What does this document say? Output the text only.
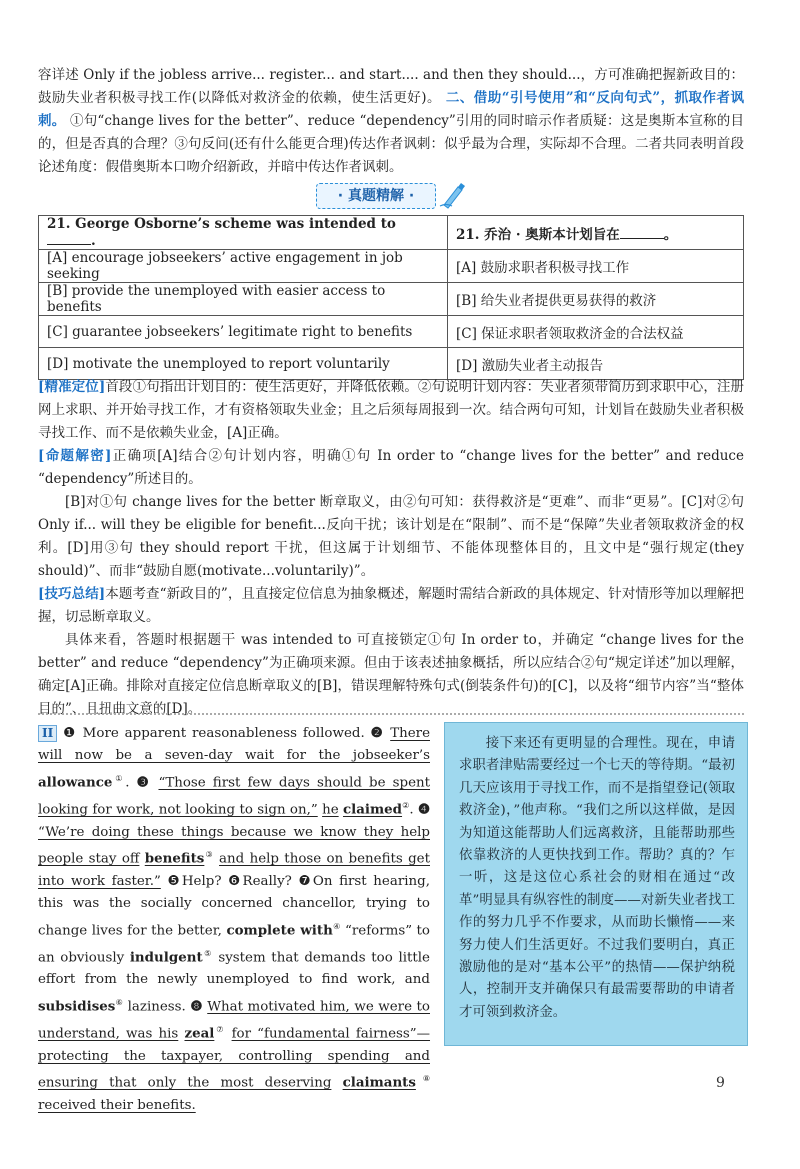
容详述 Only if the jobless arrive... register... and start.... and then they should...，方可准确把握新政目的：鼓励失业者积极寻找工作(以降低对救济金的依赖，使生活更好)。 二、借助“引号使用”和“反向句式”，抓取作者讽刺。 ①句“change lives for the better”、reduce “dependency”引用的同时暗示作者质疑：这是奥斯本宣称的目的，但是否真的合理？③句反问(还有什么能更合理)传达作者讽刺：似乎最为合理，实际却不合理。二者共同表明首段论述角度：假借奥斯本口吻介绍新政，并暗中传达作者讽刺。
· 真题精解 ·
21. George Osborne’s scheme was intended to .	21. 乔治 · 奥斯本计划旨在 。
[A] encourage jobseekers’ active engagement in job seeking	[A] 鼓励求职者积极寻找工作
[B] provide the unemployed with easier access to benefits	[B] 给失业者提供更易获得的救济
[C] guarantee jobseekers’ legitimate right to benefits	[C] 保证求职者领取救济金的合法权益
[D] motivate the unemployed to report voluntarily	[D] 激励失业者主动报告
[精准定位]首段①句指出计划目的：使生活更好，并降低依赖。②句说明计划内容：失业者须带简历到求职中心，注册网上求职、并开始寻找工作，才有资格领取失业金；且之后须每周报到一次。结合两句可知，计划旨在鼓励失业者积极寻找工作、而不是依赖失业金，[A]正确。
[命题解密]正确项[A]结合②句计划内容，明确①句 In order to “change lives for the better” and reduce “dependency”所述目的。
[B]对①句 change lives for the better 断章取义，由②句可知：获得救济是“更难”、而非“更易”。[C]对②句 Only if... will they be eligible for benefit...反向干扰；该计划是在“限制”、而不是“保障”失业者领取救济金的权利。[D]用③句 they should report 干扰，但这属于计划细节、不能体现整体目的，且文中是“强行规定(they should)”、而非“鼓励自愿(motivate...voluntarily)”。
[技巧总结]本题考查“新政目的”，且直接定位信息为抽象概述，解题时需结合新政的具体规定、针对情形等加以理解把握，切忌断章取义。
具体来看，答题时根据题干 was intended to 可直接锁定①句 In order to，并确定 “change lives for the better” and reduce “dependency”为正确项来源。但由于该表述抽象概括，所以应结合②句“规定详述”加以理解，确定[A]正确。排除对直接定位信息断章取义的[B]，错误理解特殊句式(倒装条件句)的[C]，以及将“细节内容”当“整体目的”、且扭曲文意的[D]。
II ❶ More apparent reasonableness followed. ❷ There will now be a seven-day wait for the jobseeker’s allowance①. ❸ “Those first few days should be spent looking for work, not looking to sign on,” he claimed②. ❹ “We’re doing these things because we know they help people stay off benefits③ and help those on benefits get into work faster.” ❺Help? ❻Really? ❼On first hearing, this was the socially concerned chancellor, trying to change lives for the better, complete with④ “reforms” to an obviously indulgent⑤ system that demands too little effort from the newly unemployed to find work, and subsidises⑥ laziness. ❽ What motivated him, we were to understand, was his zeal⑦ for “fundamental fairness”— protecting the taxpayer, controlling spending and ensuring that only the most deserving claimants⑧ received their benefits.
接下来还有更明显的合理性。现在，申请求职者津贴需要经过一个七天的等待期。“最初几天应该用于寻找工作，而不是指望登记(领取救济金)，”他声称。“我们之所以这样做，是因为知道这能帮助人们远离救济，且能帮助那些依靠救济的人更快找到工作。帮助？真的？乍一听，这是这位心系社会的财相在通过“改革”明显具有纵容性的制度——对新失业者找工作的努力几乎不作要求，从而助长懒惰——来努力使人们生活更好。不过我们要明白，真正激励他的是对“基本公平”的热情——保护纳税人，控制开支并确保只有最需要帮助的申请者才可领到救济金。
9
